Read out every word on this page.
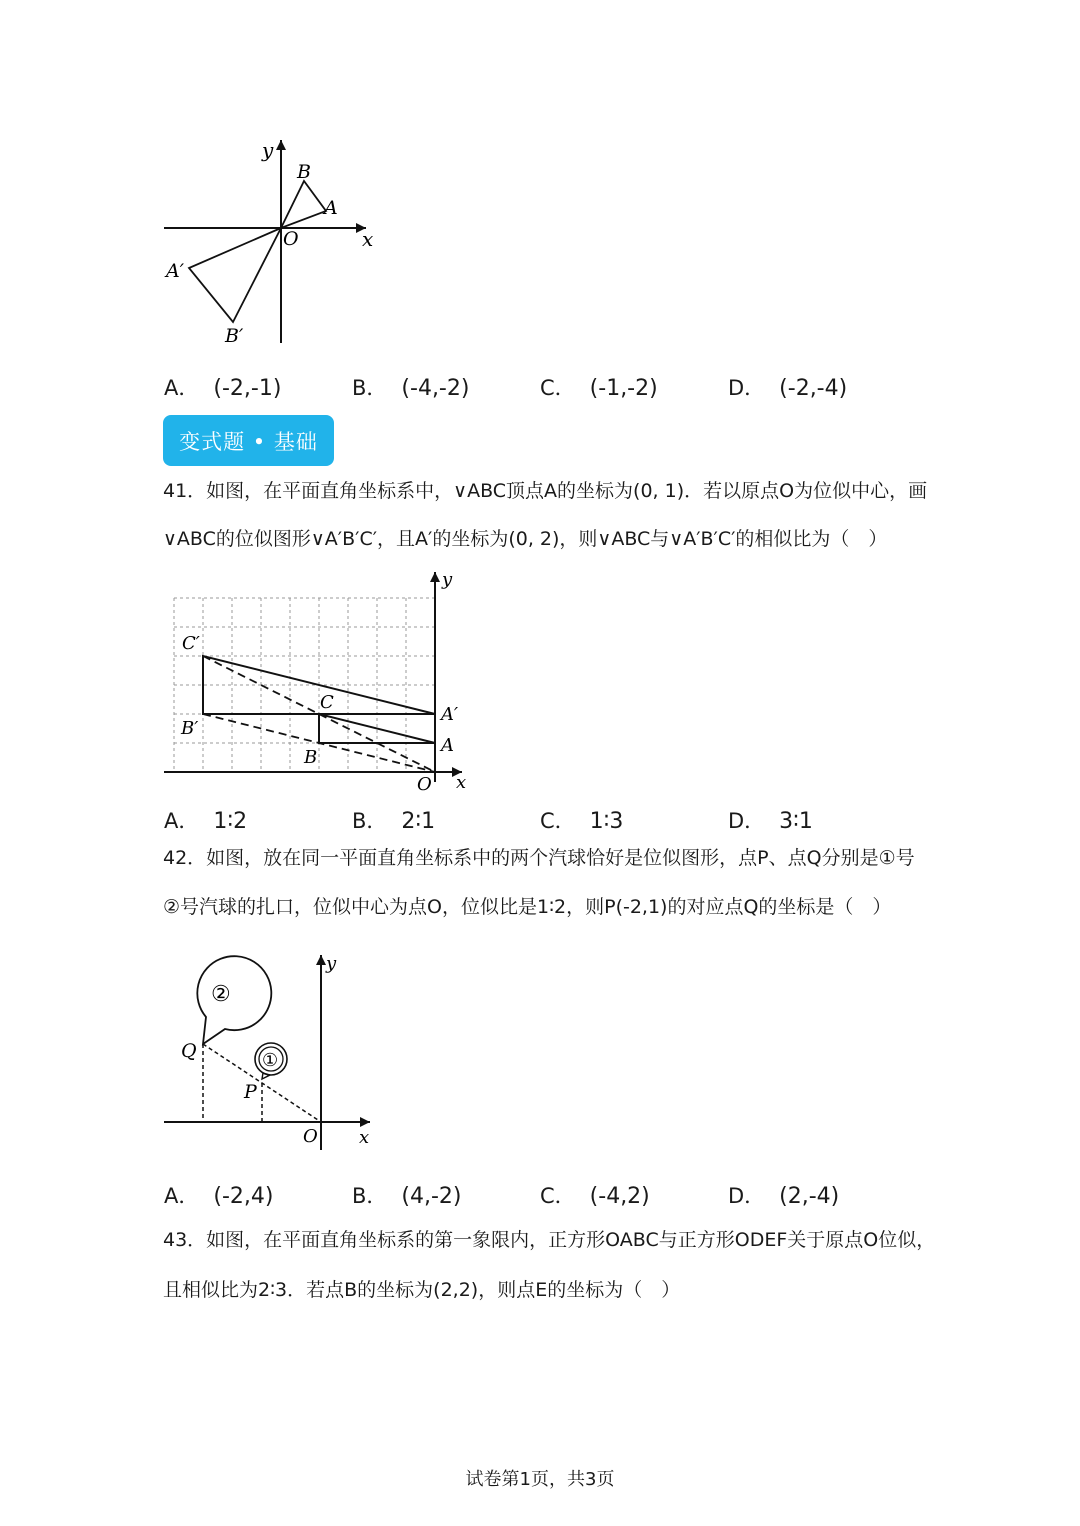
y
x
O
B
A
A′
B′
A． (-2,-1)	B． (-4,-2)	C． (-1,-2)	D． (-2,-4)
变式题 • 基础
41．如图，在平面直角坐标系中，∨ABC顶点A的坐标为(0, 1)．若以原点O为位似中心，画
∨ABC的位似图形∨A′B′C′，且A′的坐标为(0, 2)，则∨ABC与∨A′B′C′的相似比为（　）
y
x
O
C′
C
A′
B′
A
B
A． 1∶2	B． 2∶1	C． 1∶3	D． 3∶1
42．如图，放在同一平面直角坐标系中的两个汽球恰好是位似图形，点P、点Q分别是①号
②号汽球的扎口，位似中心为点O，位似比是1∶2，则P(-2,1)的对应点Q的坐标是（　）
y
x
O
Q
P
②
①
A． (-2,4)	B． (4,-2)	C． (-4,2)	D． (2,-4)
43．如图，在平面直角坐标系的第一象限内，正方形OABC与正方形ODEF关于原点O位似，
且相似比为2∶3．若点B的坐标为(2,2)，则点E的坐标为（　）
试卷第1页，共3页
